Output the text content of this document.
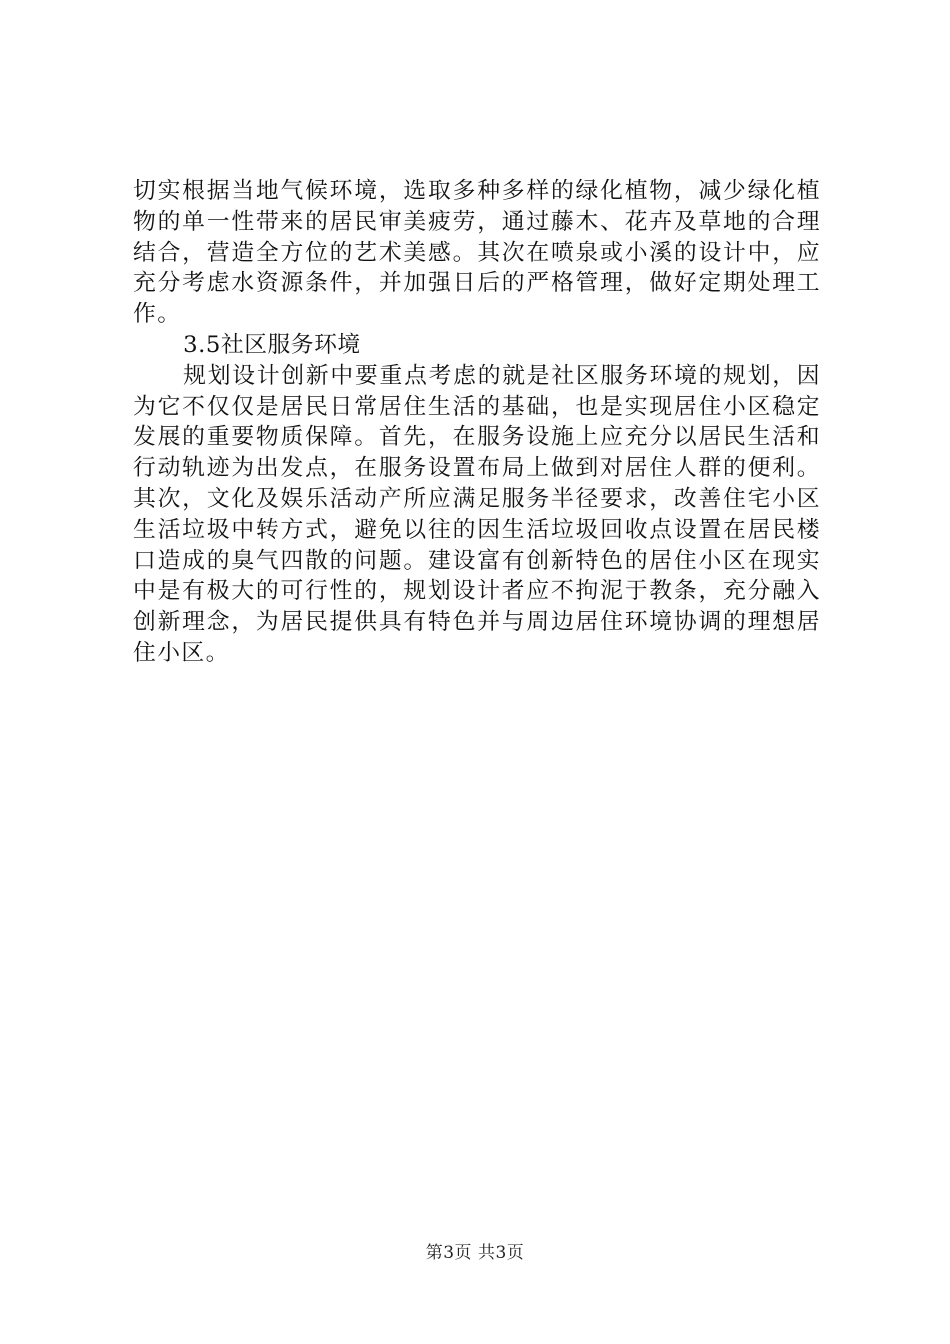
切实根据当地气候环境，选取多种多样的绿化植物，减少绿化植物的单一性带来的居民审美疲劳，通过藤木、花卉及草地的合理结合，营造全方位的艺术美感。其次在喷泉或小溪的设计中，应充分考虑水资源条件，并加强日后的严格管理，做好定期处理工作。

3.5社区服务环境

规划设计创新中要重点考虑的就是社区服务环境的规划，因为它不仅仅是居民日常居住生活的基础，也是实现居住小区稳定发展的重要物质保障。首先，在服务设施上应充分以居民生活和行动轨迹为出发点，在服务设置布局上做到对居住人群的便利。其次，文化及娱乐活动产所应满足服务半径要求，改善住宅小区生活垃圾中转方式，避免以往的因生活垃圾回收点设置在居民楼口造成的臭气四散的问题。建设富有创新特色的居住小区在现实中是有极大的可行性的，规划设计者应不拘泥于教条，充分融入创新理念，为居民提供具有特色并与周边居住环境协调的理想居住小区。

第3页 共3页
